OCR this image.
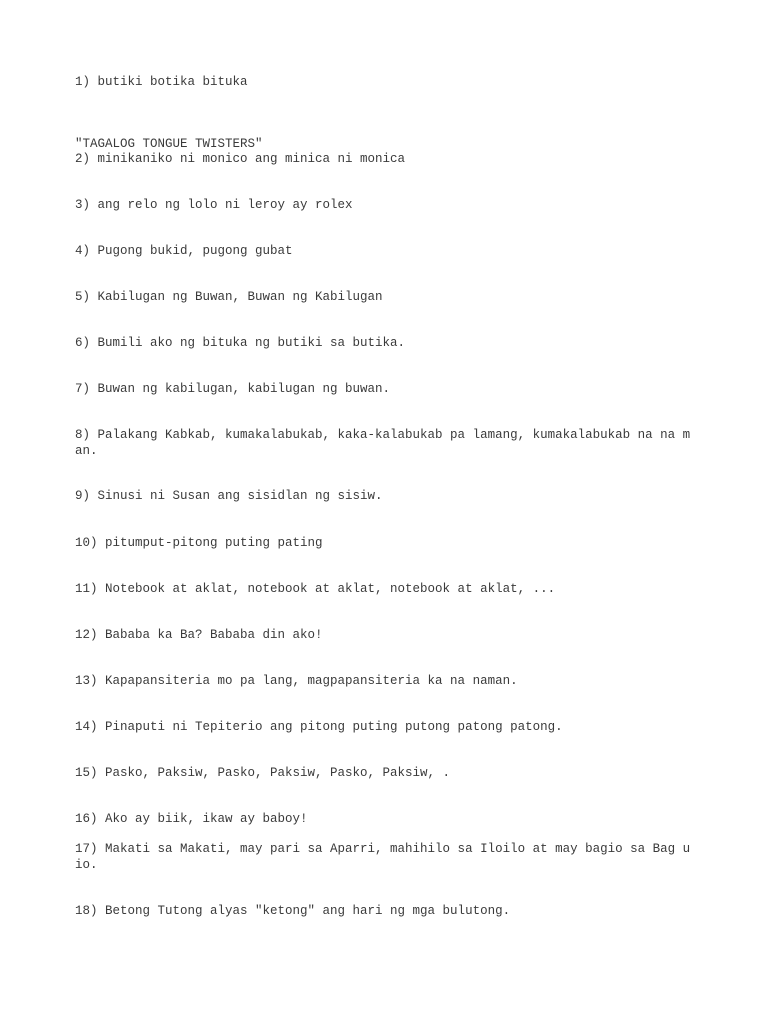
1) butiki botika bituka

"TAGALOG TONGUE TWISTERS"

2) minikaniko ni monico ang minica ni monica

3) ang relo ng lolo ni leroy ay rolex

4) Pugong bukid, pugong gubat

5) Kabilugan ng Buwan, Buwan ng Kabilugan

6) Bumili ako ng bituka ng butiki sa butika.

7) Buwan ng kabilugan, kabilugan ng buwan.

8) Palakang Kabkab, kumakalabukab, kaka-kalabukab pa lamang, kumakalabukab na na man.

9) Sinusi ni Susan ang sisidlan ng sisiw.

10) pitumput-pitong puting pating

11) Notebook at aklat, notebook at aklat, notebook at aklat, ...

12) Bababa ka Ba? Bababa din ako!

13) Kapapansiteria mo pa lang, magpapansiteria ka na naman.

14) Pinaputi ni Tepiterio ang pitong puting putong patong patong.

15) Pasko, Paksiw, Pasko, Paksiw, Pasko, Paksiw, .

16) Ako ay biik, ikaw ay baboy!

17) Makati sa Makati, may pari sa Aparri, mahihilo sa Iloilo at may bagio sa Bag uio.

18) Betong Tutong alyas "ketong" ang hari ng mga bulutong.
